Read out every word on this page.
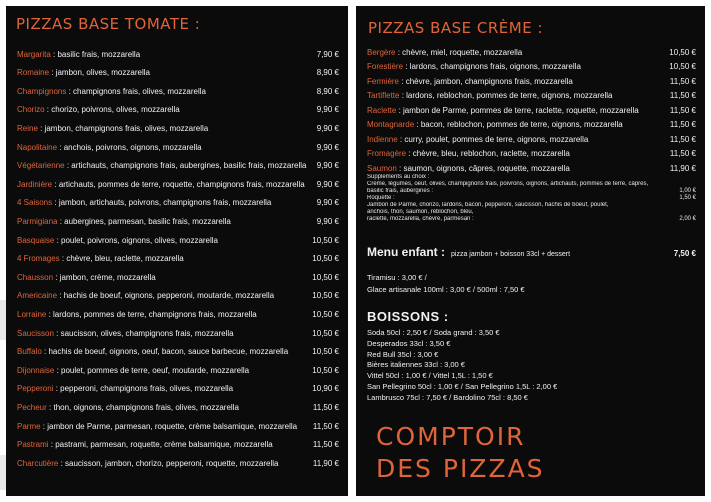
PIZZAS BASE TOMATE :
Margarita : basilic frais, mozzarella	7,90 €
Romaine : jambon, olives, mozzarella	8,90 €
Champignons : champignons frais, olives, mozzarella	8,90 €
Chorizo : chorizo, poivrons, olives, mozzarella	9,90 €
Reine : jambon, champignons frais, olives, mozzarella	9,90 €
Napolitaine : anchois, poivrons, oignons, mozzarella	9,90 €
Végétarienne : artichauts, champignons frais, aubergines, basilic frais, mozzarella	9,90 €
Jardinière : artichauts, pommes de terre, roquette, champignons frais, mozzarella	9,90 €
4 Saisons : jambon, artichauts, poivrons, champignons frais, mozzarella	9,90 €
Parmigiana : aubergines, parmesan, basilic frais, mozzarella	9,90 €
Basquaise : poulet, poivrons, oignons, olives, mozzarella	10,50 €
4 Fromages : chèvre, bleu, raclette, mozzarella	10,50 €
Chausson : jambon, crème, mozzarella	10,50 €
Americaine : hachis de boeuf, oignons, pepperoni, moutarde, mozzarella	10,50 €
Lorraine : lardons, pommes de terre, champignons frais, mozzarella	10,50 €
Saucisson : saucisson, olives, champignons frais, mozzarella	10,50 €
Buffalo : hachis de boeuf, oignons, oeuf, bacon, sauce barbecue, mozzarella	10,50 €
Dijonnaise : poulet, pommes de terre, oeuf, moutarde, mozzarella	10,50 €
Pepperoni : pepperoni, champignons frais, olives, mozzarella	10,90 €
Pecheur : thon, oignons, champignons frais, olives, mozzarella	11,50 €
Parme : jambon de Parme, parmesan, roquette, crème balsamique, mozzarella	11,50 €
Pastrami : pastrami, parmesan, roquette, crème balsamique, mozzarella	11,50 €
Charcutière : saucisson, jambon, chorizo, pepperoni, roquette, mozzarella	11,90 €
PIZZAS BASE CRÈME :
Bergère : chèvre, miel, roquette, mozzarella	10,50 €
Forestière : lardons, champignons frais, oignons, mozzarella	10,50 €
Fermière : chèvre, jambon, champignons frais, mozzarella	11,50 €
Tartiflette : lardons, reblochon, pommes de terre, oignons, mozzarella	11,50 €
Raclette : jambon de Parme, pommes de terre, raclette, roquette, mozzarella	11,50 €
Montagnarde : bacon, reblochon, pommes de terre, oignons, mozzarella	11,50 €
Indienne : curry, poulet, pommes de terre, oignons, mozzarella	11,50 €
Fromagère : chèvre, bleu, reblochon, raclette, mozzarella	11,50 €
Saumon : saumon, oignons, câpres, roquette, mozzarella	11,90 €
Supplements au choix :
Crème, légumes, oeuf, olives, champignons frais, poivrons, oignons, artichauts, pommes de terre, câpres,
basilic frais, aubergines :	1,00 €
Roquette :	1,50 €
Jambon de Parme, chorizo, lardons, bacon, pepperoni, saucisson, hachis de boeuf, poulet,
anchois, thon, saumon, reblochon, bleu,
raclette, mozzarella, chèvre, parmesan :	2,00 €
Menu enfant : pizza jambon + boisson 33cl + dessert	7,50 €
Tiramisu : 3,00 € /
Glace artisanale 100ml : 3,00 € / 500ml : 7,50 €
BOISSONS :
Soda 50cl : 2,50 € / Soda grand : 3,50 €
Desperados 33cl : 3,50 €
Red Bull 35cl : 3,00 €
Bières italiennes 33cl : 3,00 €
Vittel 50cl : 1,00 € / Vittel 1,5L : 1,50 €
San Pellegrino 50cl : 1,00 € / San Pellegrino 1,5L : 2,00 €
Lambrusco 75cl : 7,50 € / Bardolino 75cl : 8,50 €
COMPTOIR
DES PIZZAS
